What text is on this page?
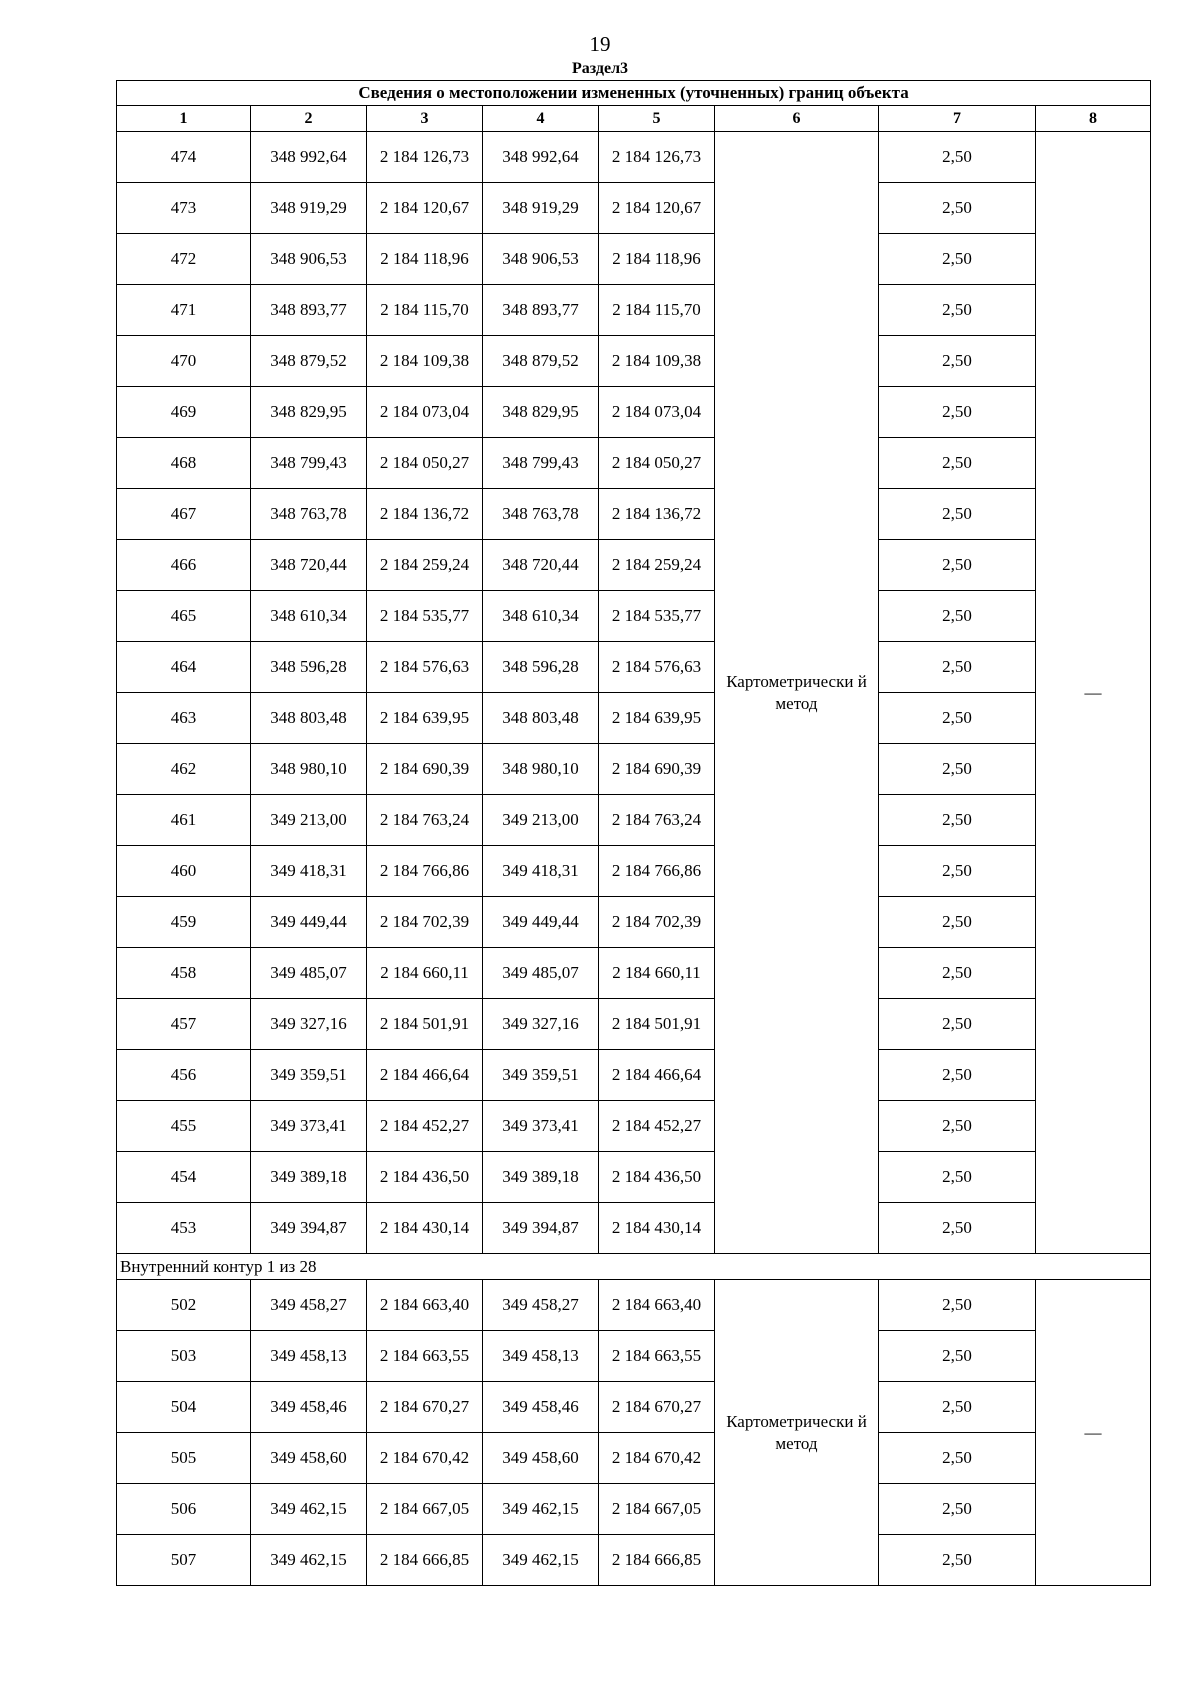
19
Раздел3
Сведения о местоположении измененных (уточненных) границ объекта							
1	2	3	4	5	6	7	8
474	348 992,64	2 184 126,73	348 992,64	2 184 126,73	Картометрически й метод	2,50	—
473	348 919,29	2 184 120,67	348 919,29	2 184 120,67		2,50	
472	348 906,53	2 184 118,96	348 906,53	2 184 118,96		2,50	
471	348 893,77	2 184 115,70	348 893,77	2 184 115,70		2,50	
470	348 879,52	2 184 109,38	348 879,52	2 184 109,38		2,50	
469	348 829,95	2 184 073,04	348 829,95	2 184 073,04		2,50	
468	348 799,43	2 184 050,27	348 799,43	2 184 050,27		2,50	
467	348 763,78	2 184 136,72	348 763,78	2 184 136,72		2,50	
466	348 720,44	2 184 259,24	348 720,44	2 184 259,24		2,50	
465	348 610,34	2 184 535,77	348 610,34	2 184 535,77		2,50	
464	348 596,28	2 184 576,63	348 596,28	2 184 576,63		2,50	
463	348 803,48	2 184 639,95	348 803,48	2 184 639,95		2,50	
462	348 980,10	2 184 690,39	348 980,10	2 184 690,39		2,50	
461	349 213,00	2 184 763,24	349 213,00	2 184 763,24		2,50	
460	349 418,31	2 184 766,86	349 418,31	2 184 766,86		2,50	
459	349 449,44	2 184 702,39	349 449,44	2 184 702,39		2,50	
458	349 485,07	2 184 660,11	349 485,07	2 184 660,11		2,50	
457	349 327,16	2 184 501,91	349 327,16	2 184 501,91		2,50	
456	349 359,51	2 184 466,64	349 359,51	2 184 466,64		2,50	
455	349 373,41	2 184 452,27	349 373,41	2 184 452,27		2,50	
454	349 389,18	2 184 436,50	349 389,18	2 184 436,50		2,50	
453	349 394,87	2 184 430,14	349 394,87	2 184 430,14		2,50	
Внутренний контур 1 из 28							
502	349 458,27	2 184 663,40	349 458,27	2 184 663,40	Картометрически й метод	2,50	—
503	349 458,13	2 184 663,55	349 458,13	2 184 663,55		2,50	
504	349 458,46	2 184 670,27	349 458,46	2 184 670,27		2,50	
505	349 458,60	2 184 670,42	349 458,60	2 184 670,42		2,50	
506	349 462,15	2 184 667,05	349 462,15	2 184 667,05		2,50	
507	349 462,15	2 184 666,85	349 462,15	2 184 666,85		2,50	
